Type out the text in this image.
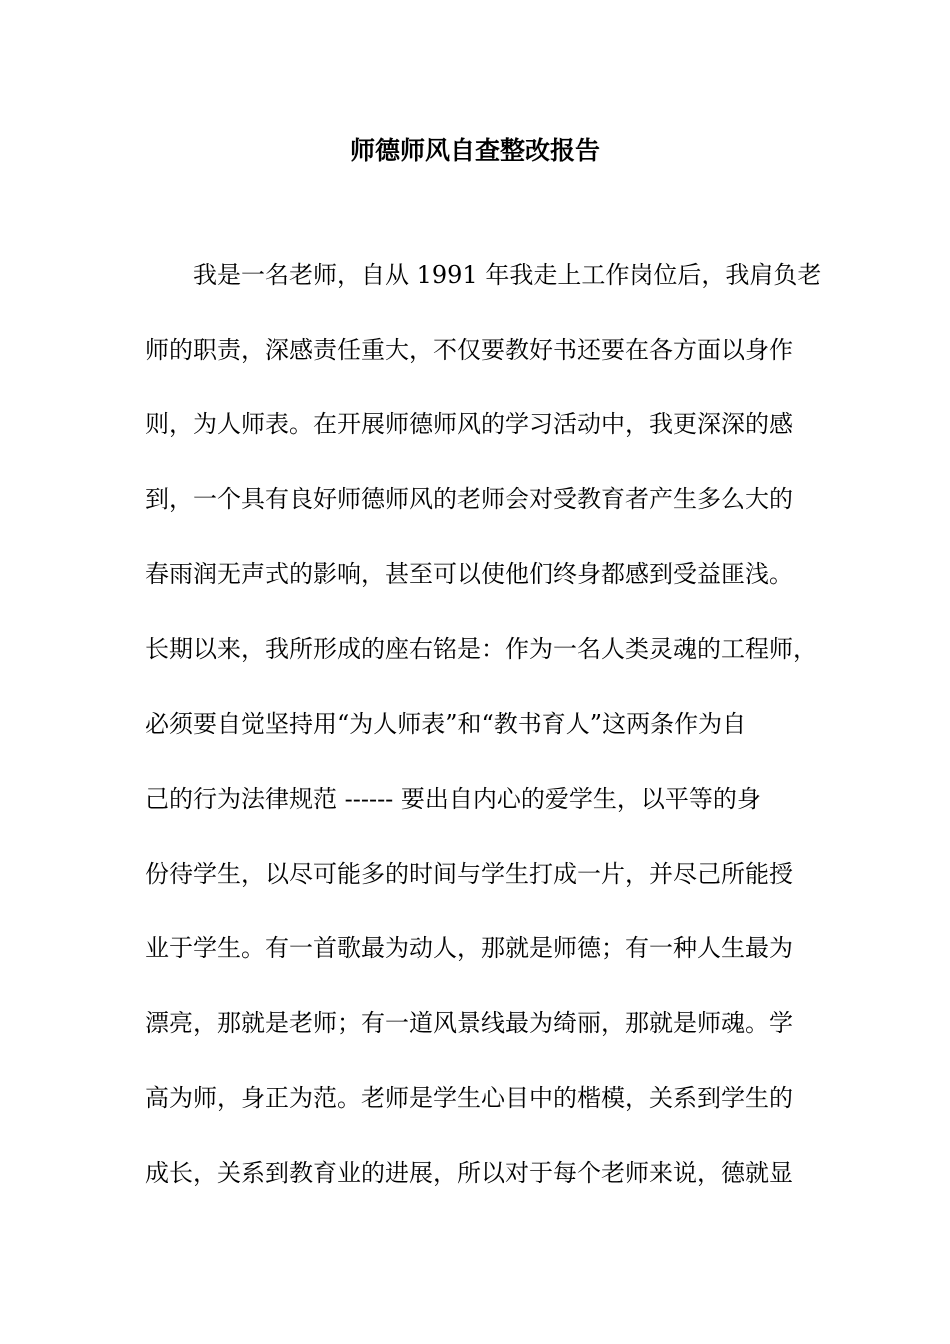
师德师风自查整改报告
我是一名老师，自从 1991 年我走上工作岗位后，我肩负老
师的职责，深感责任重大，不仅要教好书还要在各方面以身作
则，为人师表。在开展师德师风的学习活动中，我更深深的感
到，一个具有良好师德师风的老师会对受教育者产生多么大的
春雨润无声式的影响，甚至可以使他们终身都感到受益匪浅。
长期以来，我所形成的座右铭是：作为一名人类灵魂的工程师，
必须要自觉坚持用“为人师表”和“教书育人”这两条作为自
己的行为法律规范 ------ 要出自内心的爱学生，以平等的身
份待学生，以尽可能多的时间与学生打成一片，并尽己所能授
业于学生。有一首歌最为动人，那就是师德；有一种人生最为
漂亮，那就是老师；有一道风景线最为绮丽，那就是师魂。学
高为师，身正为范。老师是学生心目中的楷模，关系到学生的
成长，关系到教育业的进展，所以对于每个老师来说，德就显
